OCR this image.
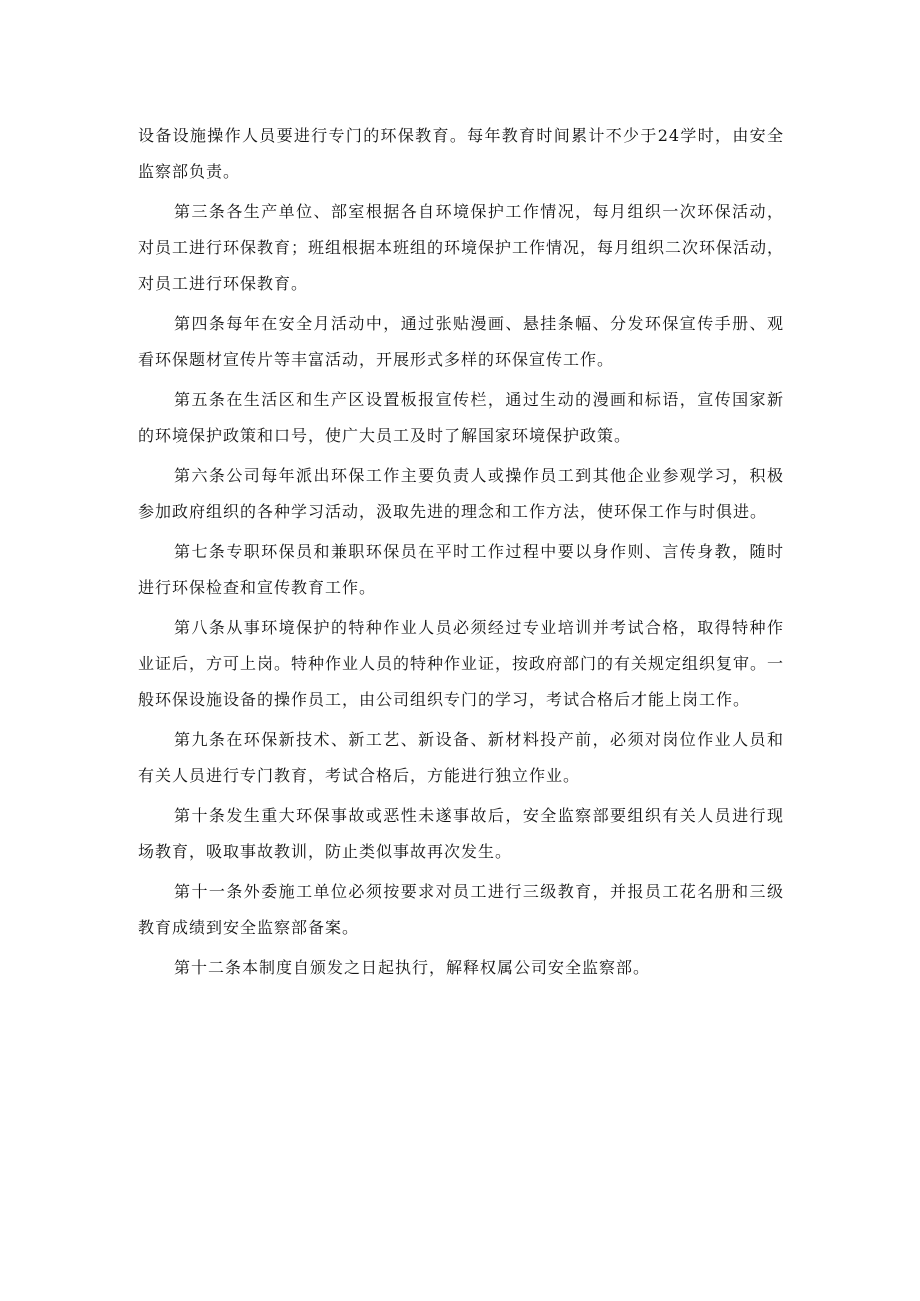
设备设施操作人员要进行专门的环保教育。每年教育时间累计不少于24学时，由安全监察部负责。

第三条各生产单位、部室根据各自环境保护工作情况，每月组织一次环保活动，对员工进行环保教育；班组根据本班组的环境保护工作情况，每月组织二次环保活动，对员工进行环保教育。

第四条每年在安全月活动中，通过张贴漫画、悬挂条幅、分发环保宣传手册、观看环保题材宣传片等丰富活动，开展形式多样的环保宣传工作。

第五条在生活区和生产区设置板报宣传栏，通过生动的漫画和标语，宣传国家新的环境保护政策和口号，使广大员工及时了解国家环境保护政策。

第六条公司每年派出环保工作主要负责人或操作员工到其他企业参观学习，积极参加政府组织的各种学习活动，汲取先进的理念和工作方法，使环保工作与时俱进。

第七条专职环保员和兼职环保员在平时工作过程中要以身作则、言传身教，随时进行环保检查和宣传教育工作。

第八条从事环境保护的特种作业人员必须经过专业培训并考试合格，取得特种作业证后，方可上岗。特种作业人员的特种作业证，按政府部门的有关规定组织复审。一般环保设施设备的操作员工，由公司组织专门的学习，考试合格后才能上岗工作。

第九条在环保新技术、新工艺、新设备、新材料投产前，必须对岗位作业人员和有关人员进行专门教育，考试合格后，方能进行独立作业。

第十条发生重大环保事故或恶性未遂事故后，安全监察部要组织有关人员进行现场教育，吸取事故教训，防止类似事故再次发生。

第十一条外委施工单位必须按要求对员工进行三级教育，并报员工花名册和三级教育成绩到安全监察部备案。

第十二条本制度自颁发之日起执行，解释权属公司安全监察部。
